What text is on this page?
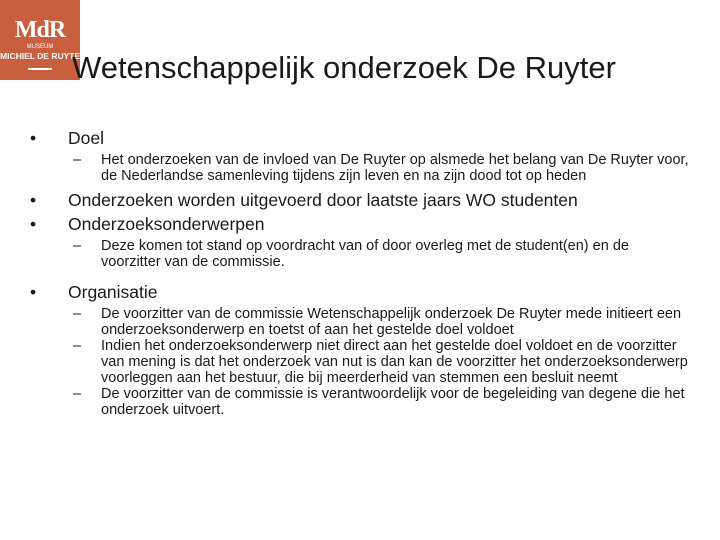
MdR
MUSEUM
MICHIEL DE RUYTER
Wetenschappelijk onderzoek De Ruyter
• Doel
– Het onderzoeken van de invloed van De Ruyter op alsmede het belang van De Ruyter voor, de Nederlandse samenleving tijdens zijn leven en na zijn dood tot op heden
• Onderzoeken worden uitgevoerd door laatste jaars WO studenten
• Onderzoeksonderwerpen
– Deze komen tot stand op voordracht van of door overleg met de student(en) en de voorzitter van de commissie.
• Organisatie
– De voorzitter van de commissie Wetenschappelijk onderzoek De Ruyter mede initieert een onderzoeksonderwerp en toetst of aan het gestelde doel voldoet
– Indien het onderzoeksonderwerp niet direct aan het gestelde doel voldoet en de voorzitter van mening is dat het onderzoek van nut is dan kan de voorzitter het onderzoeksonderwerp voorleggen aan het bestuur, die bij meerderheid van stemmen een besluit neemt
– De voorzitter van de commissie is verantwoordelijk voor de begeleiding van degene die het onderzoek uitvoert.
